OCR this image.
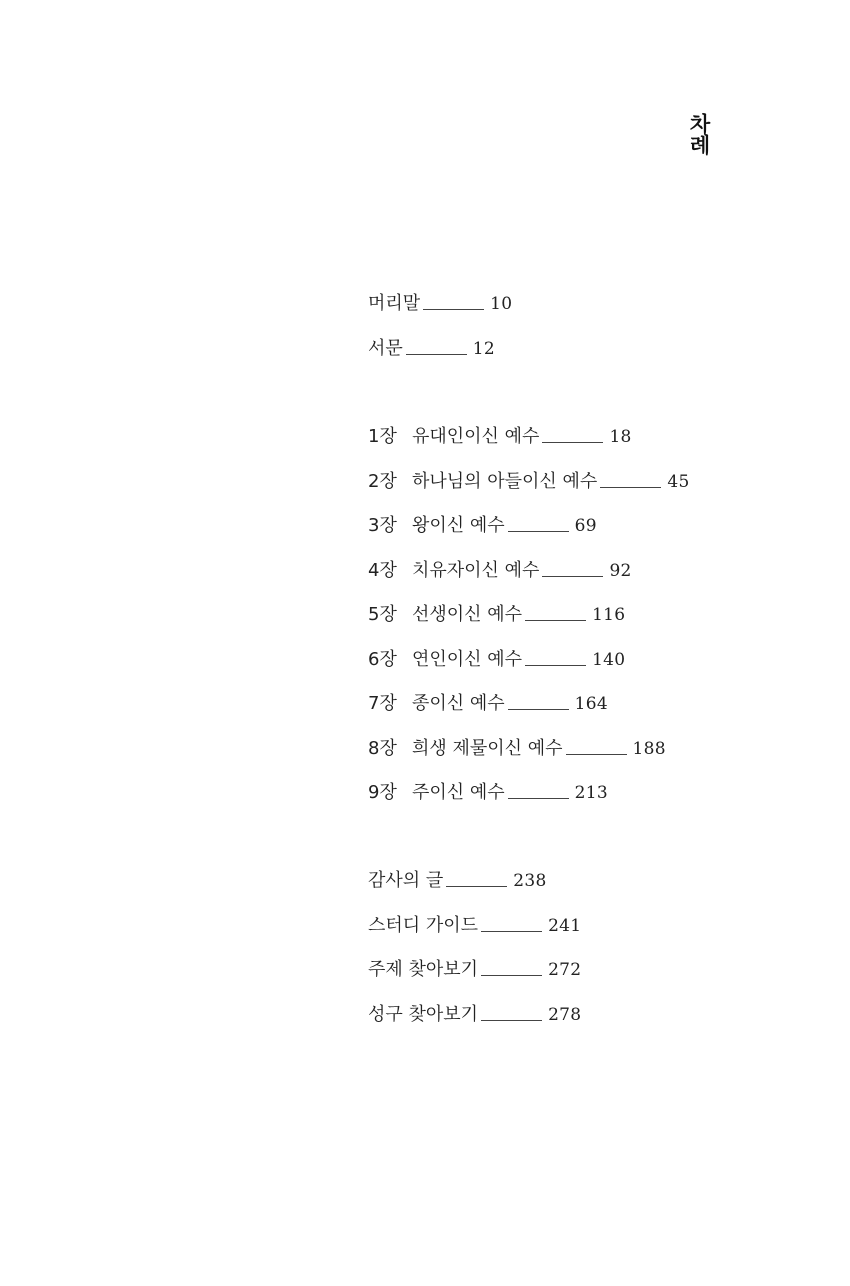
차례
머리말	10
서문	12
1장 유대인이신 예수	18
2장 하나님의 아들이신 예수	45
3장 왕이신 예수	69
4장 치유자이신 예수	92
5장 선생이신 예수	116
6장 연인이신 예수	140
7장 종이신 예수	164
8장 희생 제물이신 예수	188
9장 주이신 예수	213
감사의 글	238
스터디 가이드	241
주제 찾아보기	272
성구 찾아보기	278
